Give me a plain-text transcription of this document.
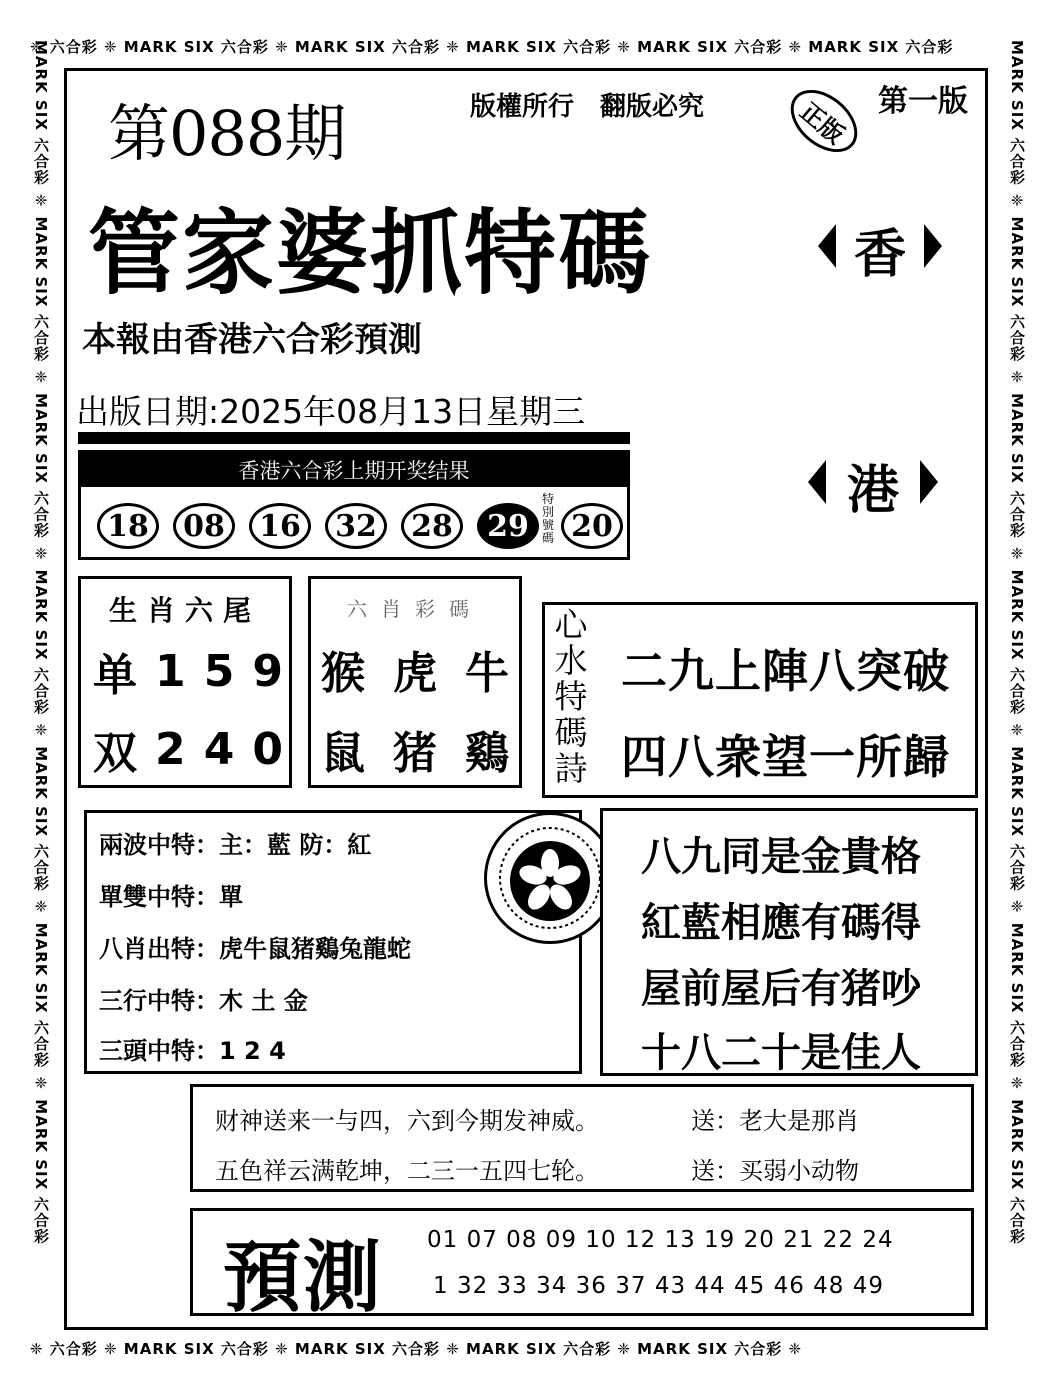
❈ 六合彩 ❈ MARK SIX 六合彩 ❈ MARK SIX 六合彩 ❈ MARK SIX 六合彩 ❈ MARK SIX 六合彩 ❈ MARK SIX 六合彩
❈ 六合彩 ❈ MARK SIX 六合彩 ❈ MARK SIX 六合彩 ❈ MARK SIX 六合彩 ❈ MARK SIX 六合彩 ❈
MARK SIX 六合彩 ❈ MARK SIX 六合彩 ❈ MARK SIX 六合彩 ❈ MARK SIX 六合彩 ❈ MARK SIX 六合彩 ❈ MARK SIX 六合彩 ❈ MARK SIX 六合彩	MARK SIX 六合彩 ❈ MARK SIX 六合彩 ❈ MARK SIX 六合彩 ❈ MARK SIX 六合彩 ❈ MARK SIX 六合彩 ❈ MARK SIX 六合彩 ❈ MARK SIX 六合彩
第088期	版權所行　翻版必究	正版 第一版
管家婆抓特碼
本報由香港六合彩預測
出版日期:2025年08月13日星期三
香
港
香港六合彩上期开奖结果
18	08	16	32	28	29
特別號碼 20
生肖六尾
单 1 5 9
双 2 4 0
六肖彩碼
猴 虎 牛
鼠 猪 鷄
心水特碼詩
二九上陣八突破
四八衆望一所歸
兩波中特：主：藍 防：紅
單雙中特：單
八肖出特：虎牛鼠猪鷄兔龍蛇
三行中特：木 土 金
三頭中特：1 2 4
八九同是金貴格
紅藍相應有碼得
屋前屋后有猪吵
十八二十是佳人
财神送来一与四，六到今期发神威。	送：老大是那肖
五色祥云满乾坤，二三一五四七轮。	送：买弱小动物
預測 01 07 08 09 10 12 13 19 20 21 22 24
1 32 33 34 36 37 43 44 45 46 48 49
